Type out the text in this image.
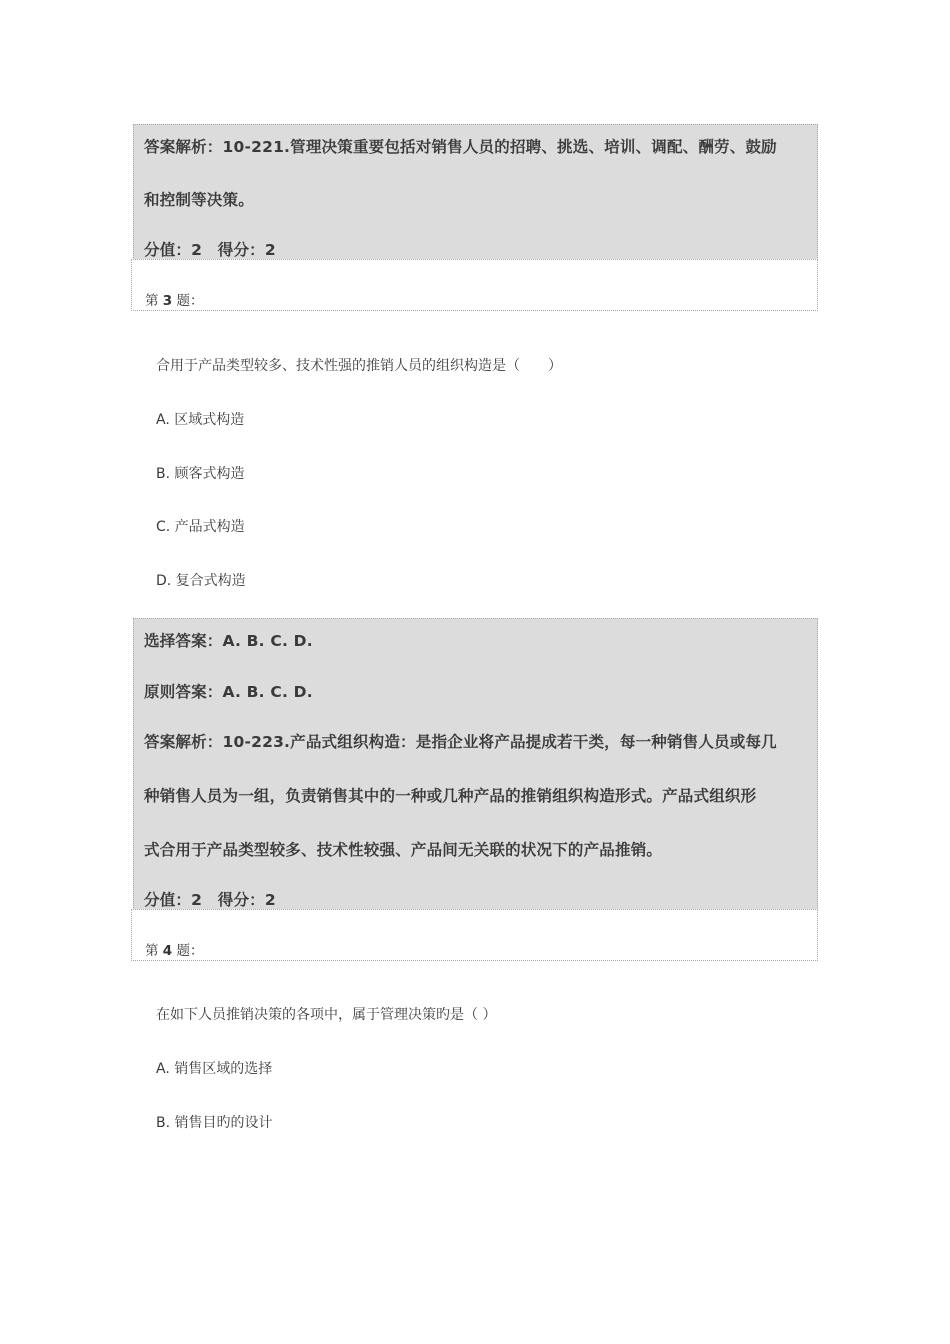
答案解析：10-221.管理决策重要包括对销售人员的招聘、挑选、培训、调配、酬劳、鼓励
和控制等决策。
分值：2　得分：2
第 3 题：
合用于产品类型较多、技术性强的推销人员的组织构造是（　　）
A. 区域式构造
B. 顾客式构造
C. 产品式构造
D. 复合式构造
选择答案：A. B. C. D.
原则答案：A. B. C. D.
答案解析：10-223.产品式组织构造：是指企业将产品提成若干类，每一种销售人员或每几
种销售人员为一组，负责销售其中的一种或几种产品的推销组织构造形式。产品式组织形
式合用于产品类型较多、技术性较强、产品间无关联的状况下的产品推销。
分值：2　得分：2
第 4 题：
在如下人员推销决策的各项中，属于管理决策旳是（ ）
A. 销售区域的选择
B. 销售目旳的设计
